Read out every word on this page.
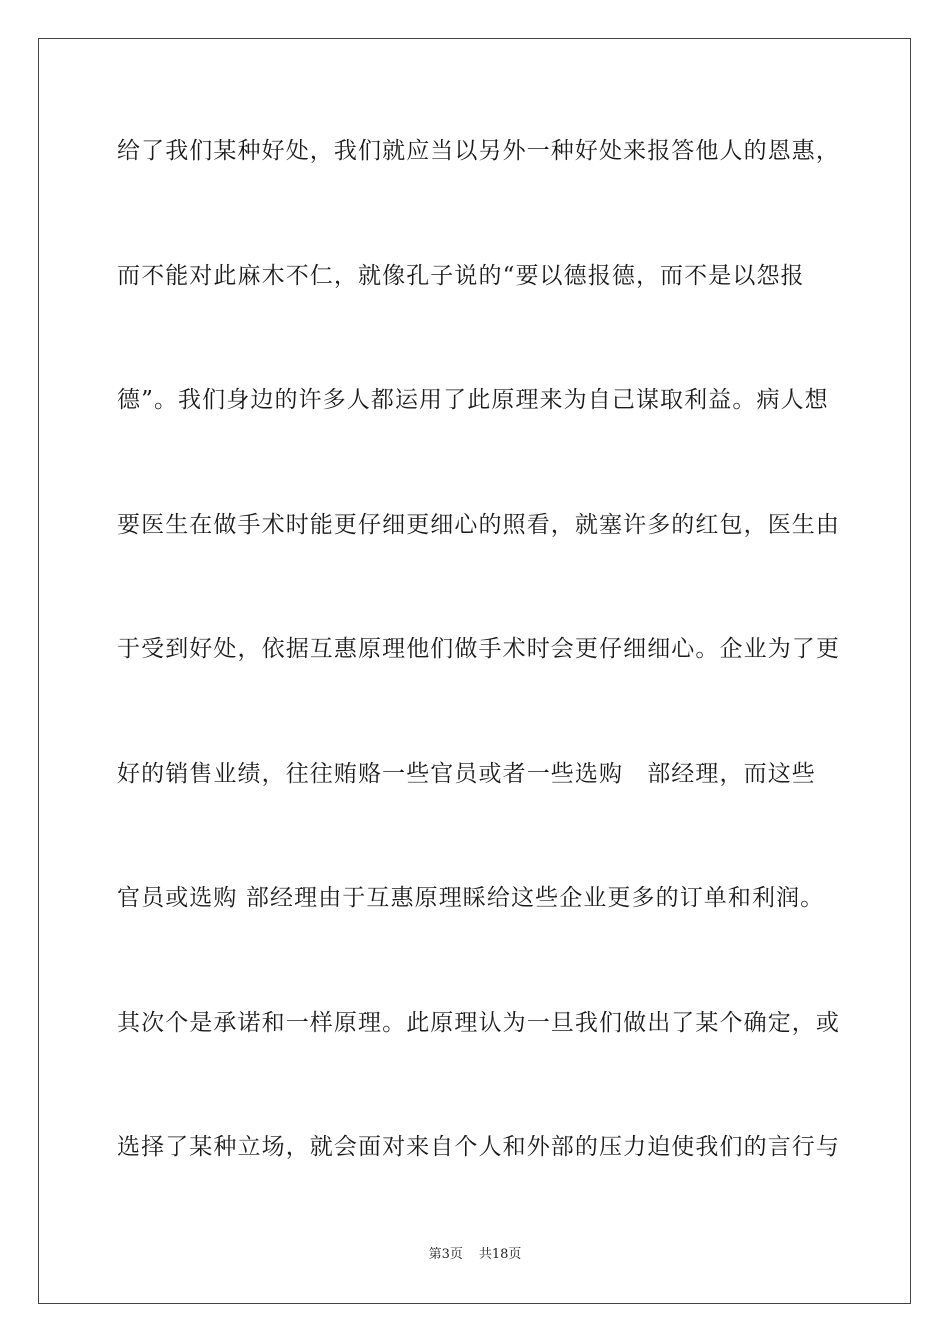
给了我们某种好处，我们就应当以另外一种好处来报答他人的恩惠，
而不能对此麻木不仁，就像孔子说的“要以德报德，而不是以怨报
德”。我们身边的许多人都运用了此原理来为自己谋取利益。病人想
要医生在做手术时能更仔细更细心的照看，就塞许多的红包，医生由
于受到好处，依据互惠原理他们做手术时会更仔细细心。企业为了更
好的销售业绩，往往贿赂一些官员或者一些选购　部经理，而这些
官员或选购 部经理由于互惠原理睬给这些企业更多的订单和利润。
其次个是承诺和一样原理。此原理认为一旦我们做出了某个确定，或
选择了某种立场，就会面对来自个人和外部的压力迫使我们的言行与
第3页 共18页
